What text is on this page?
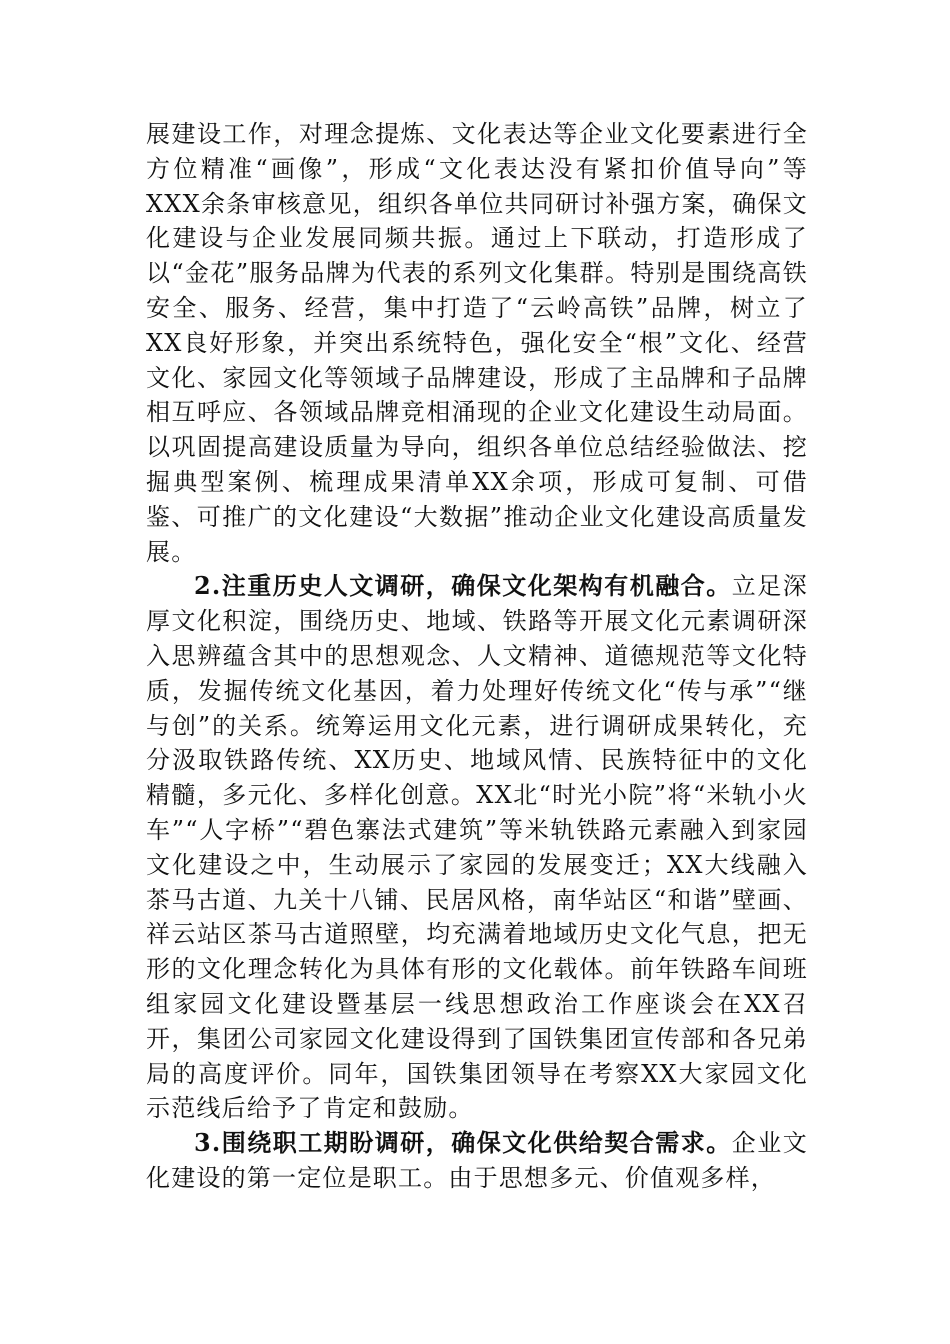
展建设工作，对理念提炼、文化表达等企业文化要素进行全方位精准“画像”，形成“文化表达没有紧扣价值导向”等XXX余条审核意见，组织各单位共同研讨补强方案，确保文化建设与企业发展同频共振。通过上下联动，打造形成了以“金花”服务品牌为代表的系列文化集群。特别是围绕高铁安全、服务、经营，集中打造了“云岭高铁”品牌，树立了XX良好形象，并突出系统特色，强化安全“根”文化、经营文化、家园文化等领域子品牌建设，形成了主品牌和子品牌相互呼应、各领域品牌竞相涌现的企业文化建设生动局面。以巩固提高建设质量为导向，组织各单位总结经验做法、挖掘典型案例、梳理成果清单XX余项，形成可复制、可借鉴、可推广的文化建设“大数据”推动企业文化建设高质量发展。

2.注重历史人文调研，确保文化架构有机融合。立足深厚文化积淀，围绕历史、地域、铁路等开展文化元素调研深入思辨蕴含其中的思想观念、人文精神、道德规范等文化特质，发掘传统文化基因，着力处理好传统文化“传与承”“继与创”的关系。统筹运用文化元素，进行调研成果转化，充分汲取铁路传统、XX历史、地域风情、民族特征中的文化精髓，多元化、多样化创意。XX北“时光小院”将“米轨小火车”“人字桥”“碧色寨法式建筑”等米轨铁路元素融入到家园文化建设之中，生动展示了家园的发展变迁；XX大线融入茶马古道、九关十八铺、民居风格，南华站区“和谐”壁画、祥云站区茶马古道照壁，均充满着地域历史文化气息，把无形的文化理念转化为具体有形的文化载体。前年铁路车间班组家园文化建设暨基层一线思想政治工作座谈会在XX召开，集团公司家园文化建设得到了国铁集团宣传部和各兄弟局的高度评价。同年，国铁集团领导在考察XX大家园文化示范线后给予了肯定和鼓励。

3.围绕职工期盼调研，确保文化供给契合需求。企业文化建设的第一定位是职工。由于思想多元、价值观多样，
